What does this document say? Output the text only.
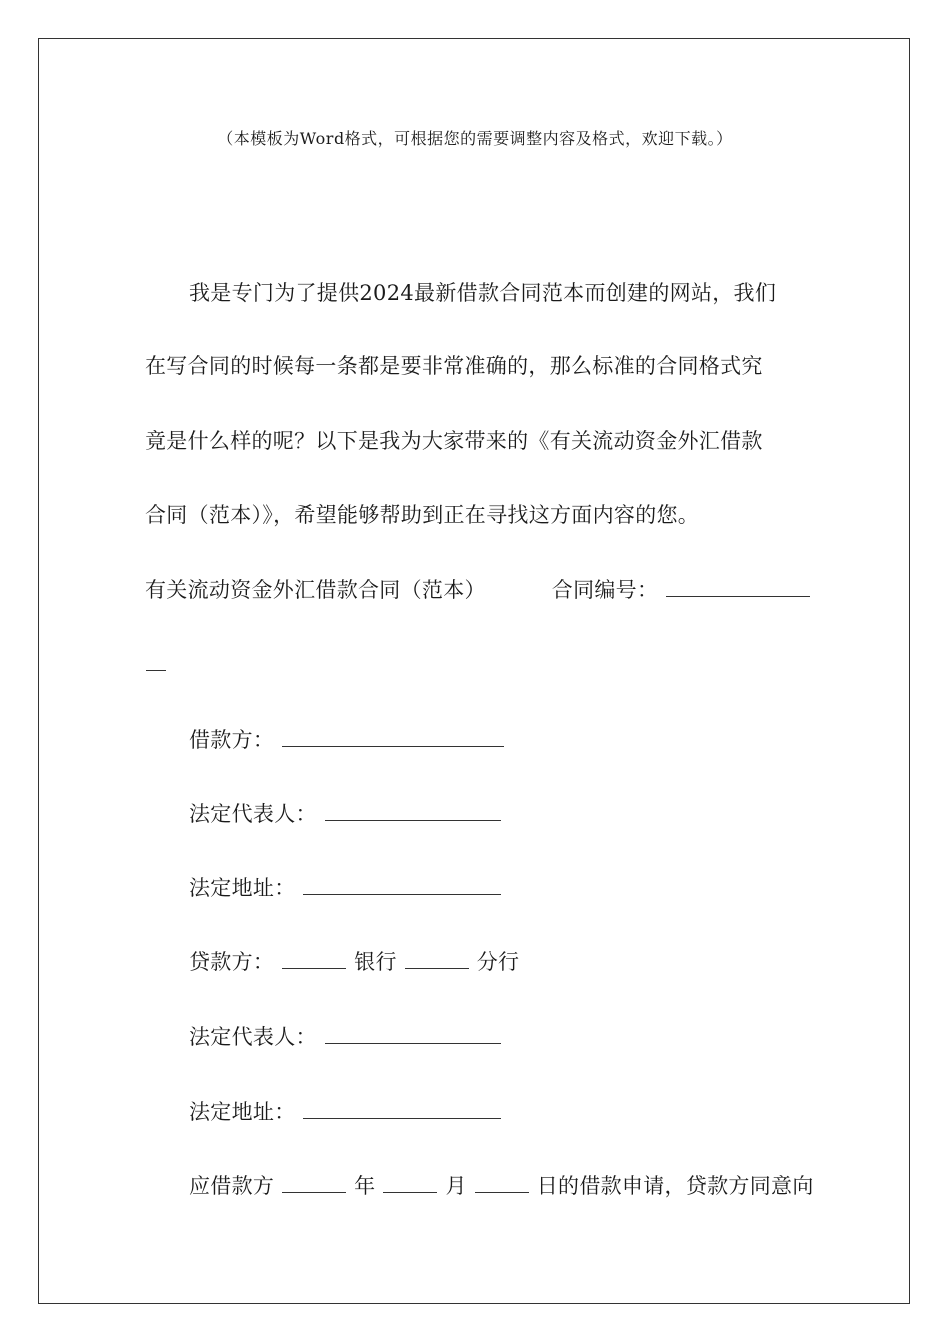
（本模板为Word格式，可根据您的需要调整内容及格式，欢迎下载。）
我是专门为了提供2024最新借款合同范本而创建的网站，我们
在写合同的时候每一条都是要非常准确的，那么标准的合同格式究
竟是什么样的呢？以下是我为大家带来的《有关流动资金外汇借款
合同（范本）》，希望能够帮助到正在寻找这方面内容的您。
有关流动资金外汇借款合同（范本）	合同编号：
借款方：
法定代表人：
法定地址：
贷款方：	银行	分行
法定代表人：
法定地址：
应借款方	年	月	日的借款申请，贷款方同意向
